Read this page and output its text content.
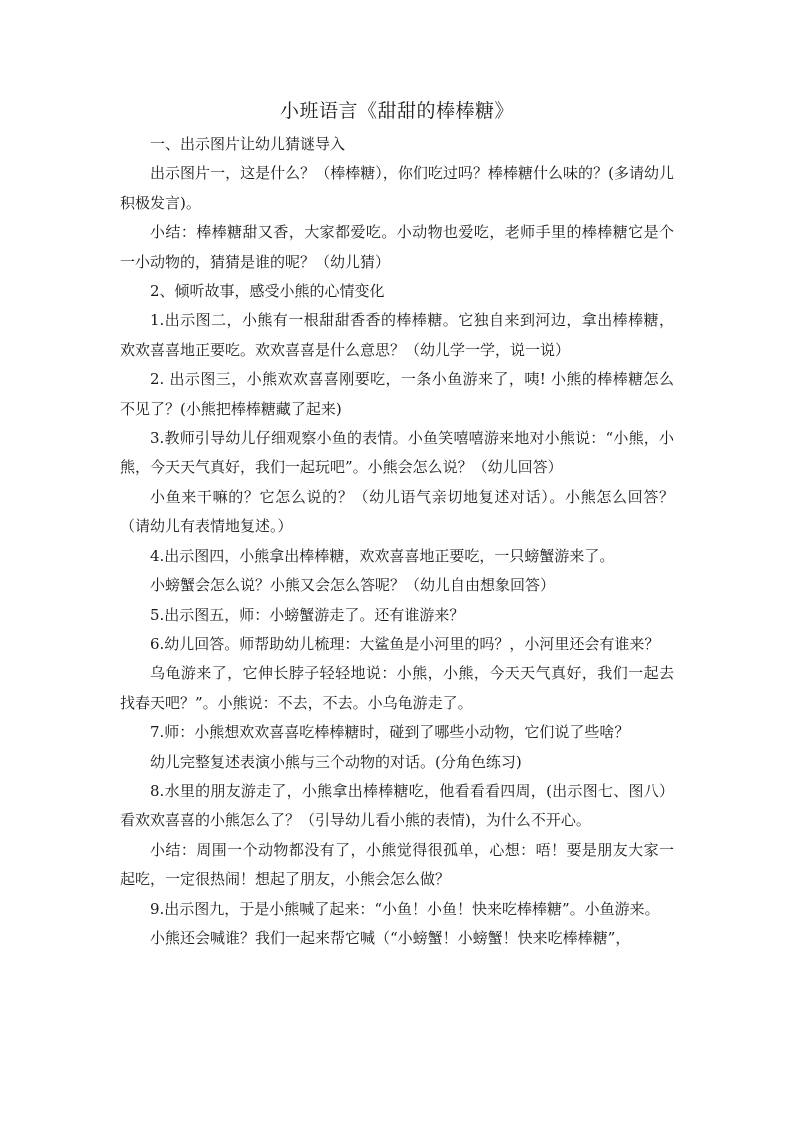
小班语言《甜甜的棒棒糖》

一、出示图片让幼儿猜谜导入

出示图片一，这是什么？（棒棒糖），你们吃过吗？棒棒糖什么味的？(多请幼儿积极发言)。

小结：棒棒糖甜又香，大家都爱吃。小动物也爱吃，老师手里的棒棒糖它是个一小动物的，猜猜是谁的呢？（幼儿猜）

2、倾听故事，感受小熊的心情变化

1.出示图二，小熊有一根甜甜香香的棒棒糖。它独自来到河边，拿出棒棒糖，欢欢喜喜地正要吃。欢欢喜喜是什么意思？（幼儿学一学，说一说）

2. 出示图三，小熊欢欢喜喜刚要吃，一条小鱼游来了，咦! 小熊的棒棒糖怎么不见了？(小熊把棒棒糖藏了起来)

3.教师引导幼儿仔细观察小鱼的表情。小鱼笑嘻嘻游来地对小熊说：“小熊，小熊，今天天气真好，我们一起玩吧”。小熊会怎么说？（幼儿回答）

小鱼来干嘛的？它怎么说的？（幼儿语气亲切地复述对话）。小熊怎么回答？（请幼儿有表情地复述。）

4.出示图四，小熊拿出棒棒糖，欢欢喜喜地正要吃，一只螃蟹游来了。

小螃蟹会怎么说？小熊又会怎么答呢？（幼儿自由想象回答）

5.出示图五，师：小螃蟹游走了。还有谁游来？

6.幼儿回答。师帮助幼儿梳理：大鲨鱼是小河里的吗？，小河里还会有谁来？

乌龟游来了，它伸长脖子轻轻地说：小熊，小熊，今天天气真好，我们一起去找春天吧？”。小熊说：不去，不去。小乌龟游走了。

7.师：小熊想欢欢喜喜吃棒棒糖时，碰到了哪些小动物，它们说了些啥？

幼儿完整复述表演小熊与三个动物的对话。(分角色练习)

8.水里的朋友游走了，小熊拿出棒棒糖吃，他看看看四周，(出示图七、图八）看欢欢喜喜的小熊怎么了？（引导幼儿看小熊的表情)，为什么不开心。

小结：周围一个动物都没有了，小熊觉得很孤单，心想：唔！要是朋友大家一起吃，一定很热闹！想起了朋友，小熊会怎么做？

9.出示图九，于是小熊喊了起来：“小鱼！小鱼！快来吃棒棒糖”。小鱼游来。

小熊还会喊谁？我们一起来帮它喊（“小螃蟹！小螃蟹！快来吃棒棒糖”，
